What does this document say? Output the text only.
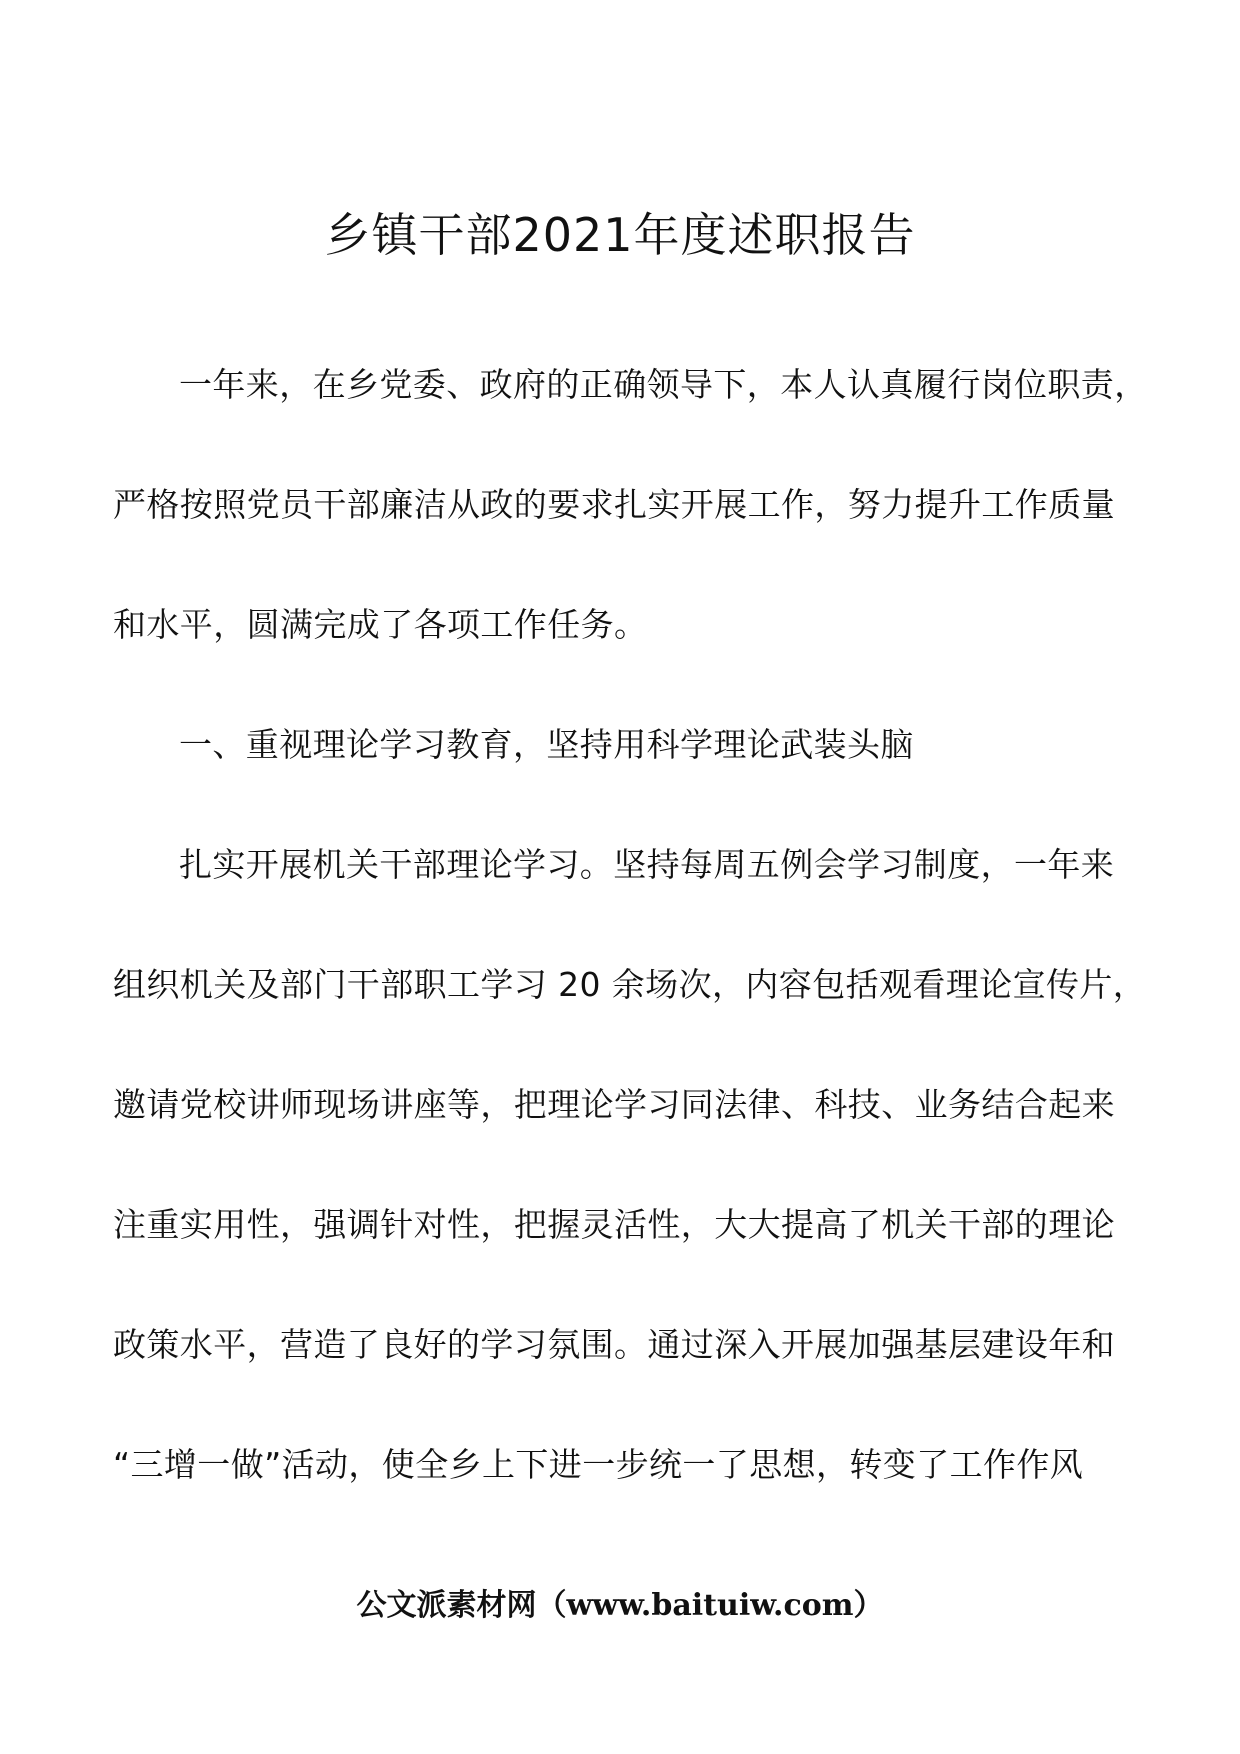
乡镇干部2021年度述职报告
一年来，在乡党委、政府的正确领导下，本人认真履行岗位职责，
严格按照党员干部廉洁从政的要求扎实开展工作，努力提升工作质量
和水平，圆满完成了各项工作任务。
一、重视理论学习教育，坚持用科学理论武装头脑
扎实开展机关干部理论学习。坚持每周五例会学习制度，一年来
组织机关及部门干部职工学习 20 余场次，内容包括观看理论宣传片，
邀请党校讲师现场讲座等，把理论学习同法律、科技、业务结合起来
注重实用性，强调针对性，把握灵活性，大大提高了机关干部的理论
政策水平，营造了良好的学习氛围。通过深入开展加强基层建设年和
“三增一做”活动，使全乡上下进一步统一了思想，转变了工作作风
公文派素材网（www.baituiw.com）
